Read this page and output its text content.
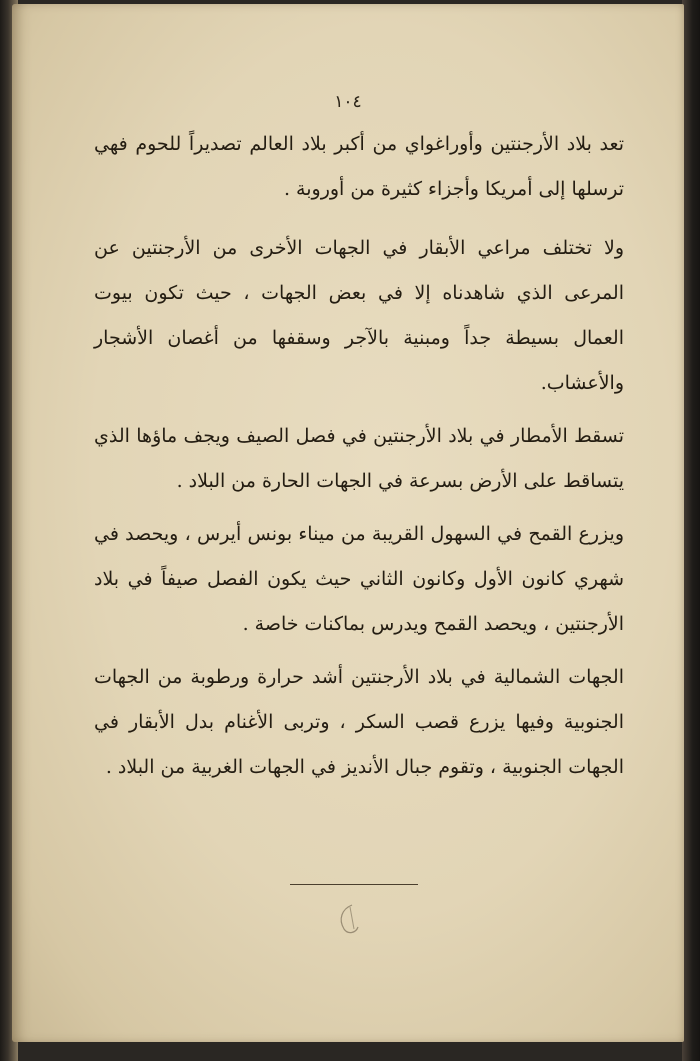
١٠٤

تعد بلاد الأرجنتين وأوراغواي من أكبر بلاد العالم تصديراً للحوم فهي ترسلها إلى أمريكا وأجزاء كثيرة من أوروبة .

ولا تختلف مراعي الأبقار في الجهات الأخرى من الأرجنتين عن المرعى الذي شاهدناه إلا في بعض الجهات ، حيث تكون بيوت العمال بسيطة جداً ومبنية بالآجر وسقفها من أغصان الأشجار والأعشاب.

تسقط الأمطار في بلاد الأرجنتين في فصل الصيف ويجف ماؤها الذي يتساقط على الأرض بسرعة في الجهات الحارة من البلاد .

ويزرع القمح في السهول القريبة من ميناء بونس أيرس ، ويحصد في شهري كانون الأول وكانون الثاني حيث يكون الفصل صيفاً في بلاد الأرجنتين ، ويحصد القمح ويدرس بماكنات خاصة .

الجهات الشمالية في بلاد الأرجنتين أشد حرارة ورطوبة من الجهات الجنوبية وفيها يزرع قصب السكر ، وتربى الأغنام بدل الأبقار في الجهات الجنوبية ، وتقوم جبال الأنديز في الجهات الغربية من البلاد .
